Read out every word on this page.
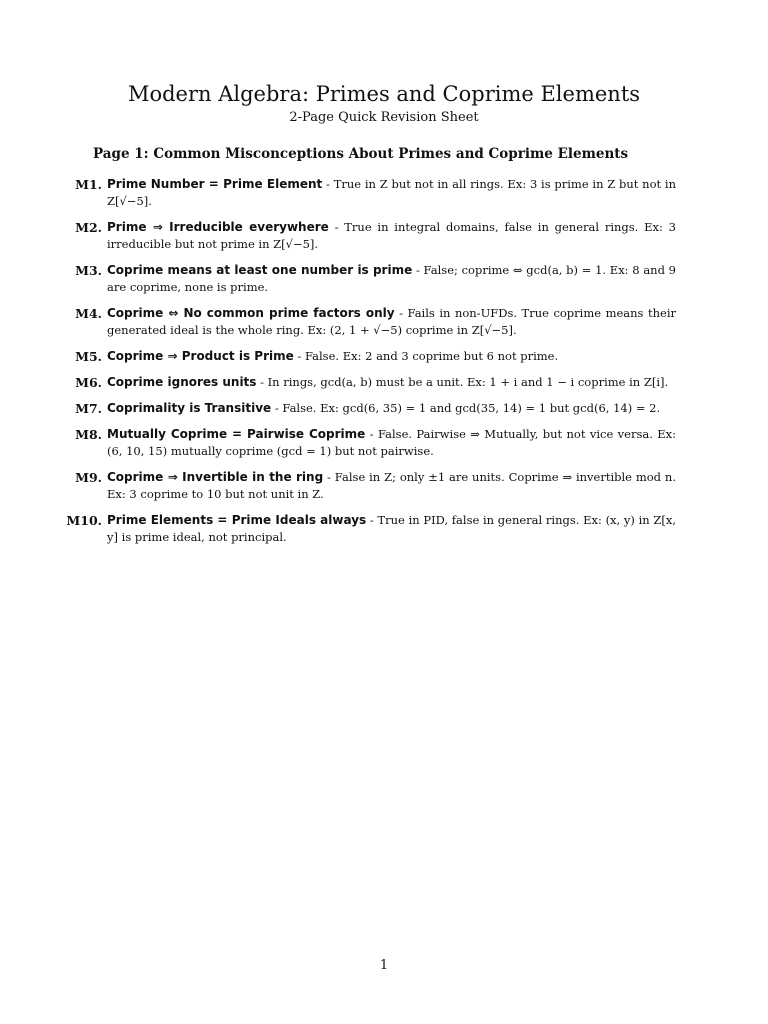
Modern Algebra: Primes and Coprime Elements
2-Page Quick Revision Sheet
Page 1: Common Misconceptions About Primes and Coprime Elements
M1. Prime Number = Prime Element - True in Z but not in all rings. Ex: 3 is prime in Z but not in Z[√−5].
M2. Prime ⇒ Irreducible everywhere - True in integral domains, false in general rings. Ex: 3 irreducible but not prime in Z[√−5].
M3. Coprime means at least one number is prime - False; coprime ⇔ gcd(a, b) = 1. Ex: 8 and 9 are coprime, none is prime.
M4. Coprime ⇔ No common prime factors only - Fails in non-UFDs. True coprime means their generated ideal is the whole ring. Ex: (2, 1 + √−5) coprime in Z[√−5].
M5. Coprime ⇒ Product is Prime - False. Ex: 2 and 3 coprime but 6 not prime.
M6. Coprime ignores units - In rings, gcd(a, b) must be a unit. Ex: 1 + i and 1 − i coprime in Z[i].
M7. Coprimality is Transitive - False. Ex: gcd(6, 35) = 1 and gcd(35, 14) = 1 but gcd(6, 14) = 2.
M8. Mutually Coprime = Pairwise Coprime - False. Pairwise ⇒ Mutually, but not vice versa. Ex: (6, 10, 15) mutually coprime (gcd = 1) but not pairwise.
M9. Coprime ⇒ Invertible in the ring - False in Z; only ±1 are units. Coprime ⇒ invertible mod n. Ex: 3 coprime to 10 but not unit in Z.
M10. Prime Elements = Prime Ideals always - True in PID, false in general rings. Ex: (x, y) in Z[x, y] is prime ideal, not principal.
1
